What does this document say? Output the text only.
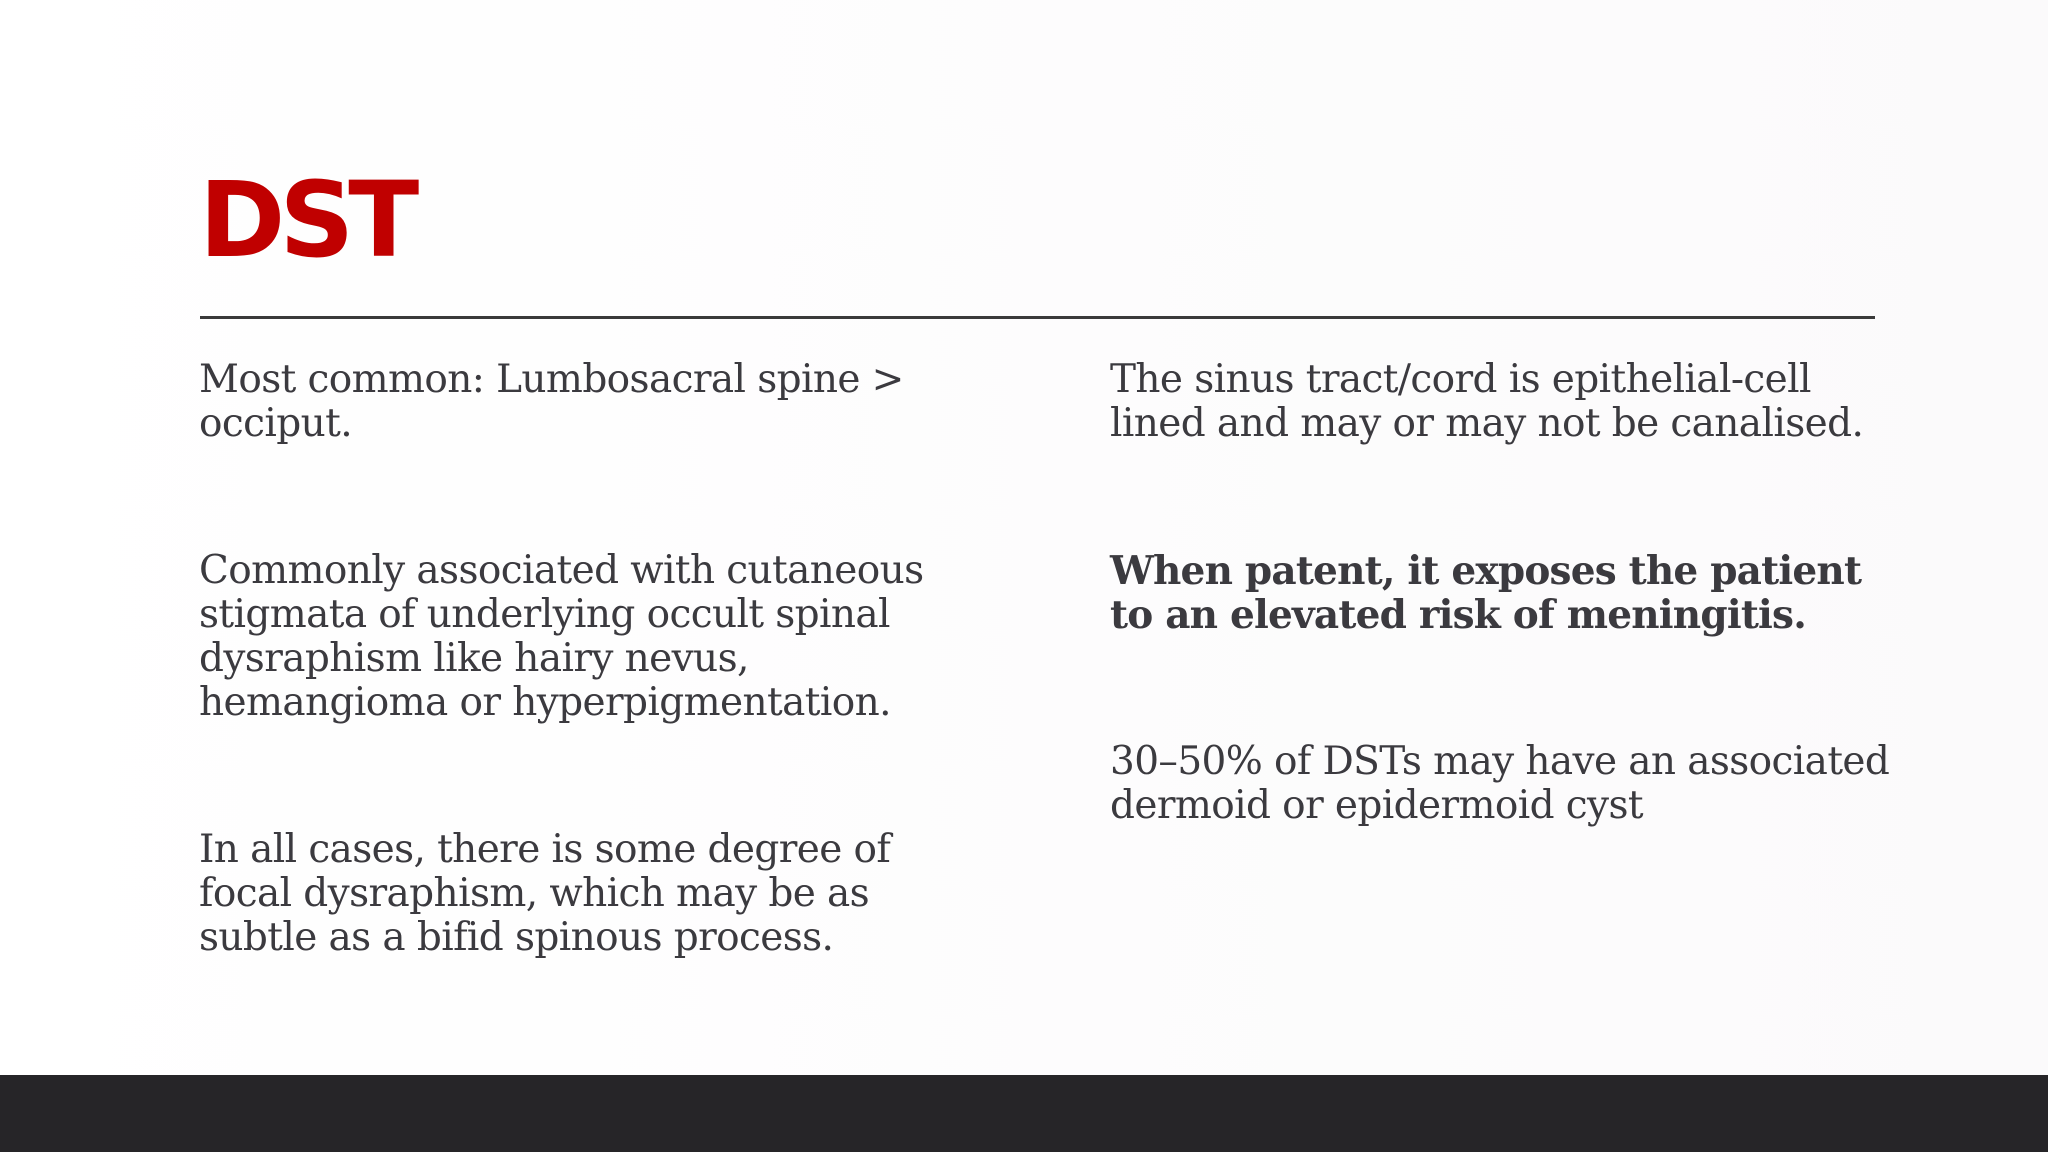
DST

Most common: Lumbosacral spine > occiput.

Commonly associated with cutaneous stigmata of underlying occult spinal dysraphism like hairy nevus, hemangioma or hyperpigmentation.

In all cases, there is some degree of focal dysraphism, which may be as subtle as a bifid spinous process.

The sinus tract/cord is epithelial-cell lined and may or may not be canalised.

When patent, it exposes the patient to an elevated risk of meningitis.

30–50% of DSTs may have an associated dermoid or epidermoid cyst
